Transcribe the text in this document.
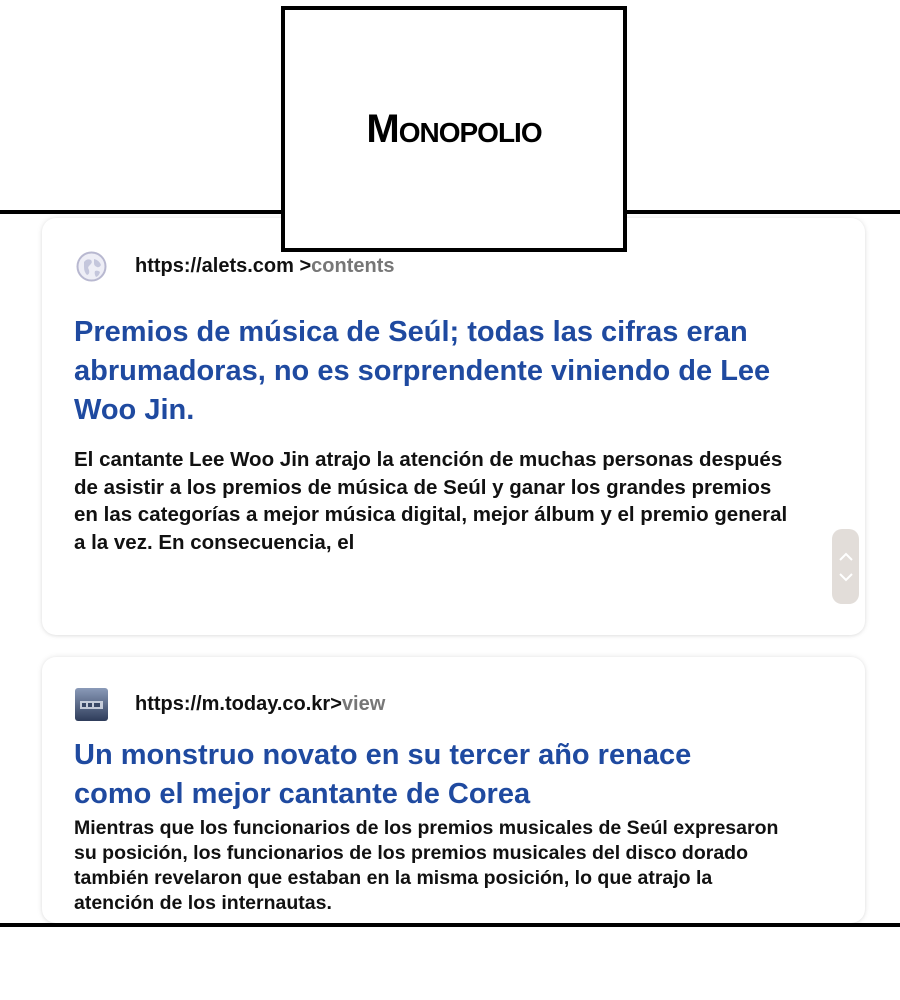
Monopolio
https://alets.com > contents
Premios de música de Seúl; todas las cifras eran abrumadoras, no es sorprendente viniendo de Lee Woo Jin.

El cantante Lee Woo Jin atrajo la atención de muchas personas después de asistir a los premios de música de Seúl y ganar los grandes premios en las categorías a mejor música digital, mejor álbum y el premio general a la vez. En consecuencia, el

https://m.today.co.kr> view
Un monstruo novato en su tercer año renace como el mejor cantante de Corea

Mientras que los funcionarios de los premios musicales de Seúl expresaron su posición, los funcionarios de los premios musicales del disco dorado también revelaron que estaban en la misma posición, lo que atrajo la atención de los internautas.
